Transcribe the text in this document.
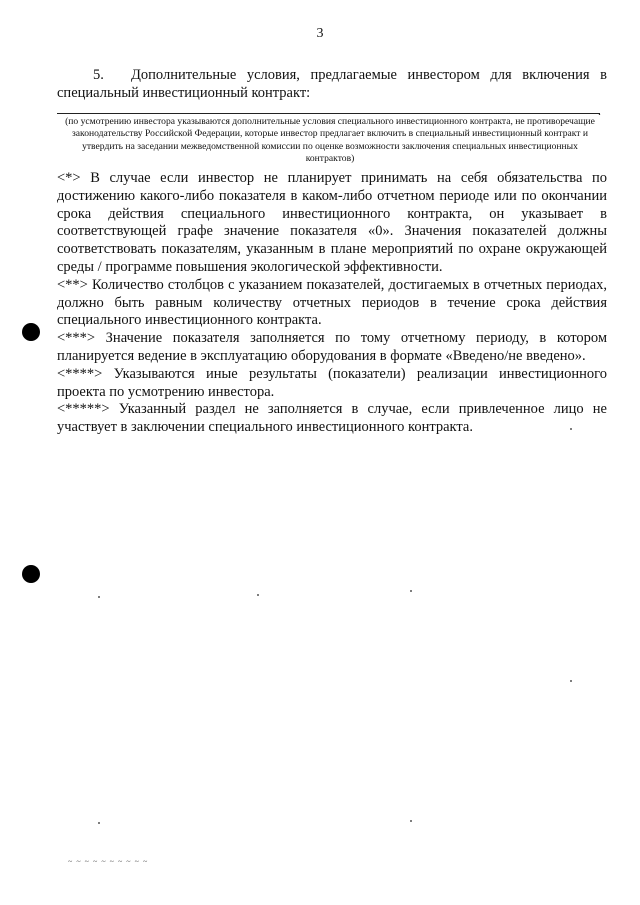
3

5. Дополнительные условия, предлагаемые инвестором для включения в специальный инвестиционный контракт:

.
(по усмотрению инвестора указываются дополнительные условия специального инвестиционного контракта, не противоречащие законодательству Российской Федерации, которые инвестор предлагает включить в специальный инвестиционный контракт и утвердить на заседании межведомственной комиссии по оценке возможности заключения специальных инвестиционных контрактов)

<*> В случае если инвестор не планирует принимать на себя обязательства по достижению какого-либо показателя в каком-либо отчетном периоде или по окончании срока действия специального инвестиционного контракта, он указывает в соответствующей графе значение показателя «0». Значения показателей должны соответствовать показателям, указанным в плане мероприятий по охране окружающей среды / программе повышения экологической эффективности.

<**> Количество столбцов с указанием показателей, достигаемых в отчетных периодах, должно быть равным количеству отчетных периодов в течение срока действия специального инвестиционного контракта.

<***> Значение показателя заполняется по тому отчетному периоду, в котором планируется ведение в эксплуатацию оборудования в формате «Введено/не введено».

<****> Указываются иные результаты (показатели) реализации инвестиционного проекта по усмотрению инвестора.

<*****> Указанный раздел не заполняется в случае, если привлеченное лицо не участвует в заключении специального инвестиционного контракта.

~ ~ ~ ~ ~ ~ ~ ~ ~ ~
